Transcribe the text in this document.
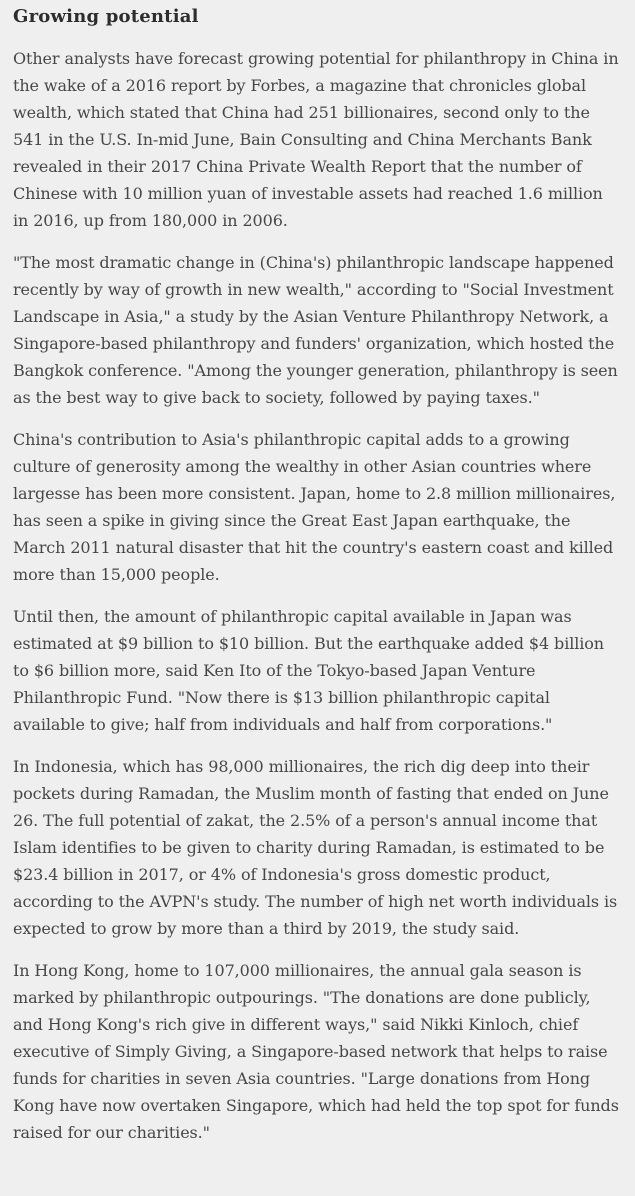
Growing potential

Other analysts have forecast growing potential for philanthropy in China in the wake of a 2016 report by Forbes, a magazine that chronicles global wealth, which stated that China had 251 billionaires, second only to the 541 in the U.S. In-mid June, Bain Consulting and China Merchants Bank revealed in their 2017 China Private Wealth Report that the number of Chinese with 10 million yuan of investable assets had reached 1.6 million in 2016, up from 180,000 in 2006.

"The most dramatic change in (China's) philanthropic landscape happened recently by way of growth in new wealth," according to "Social Investment Landscape in Asia," a study by the Asian Venture Philanthropy Network, a Singapore-based philanthropy and funders' organization, which hosted the Bangkok conference. "Among the younger generation, philanthropy is seen as the best way to give back to society, followed by paying taxes."

China's contribution to Asia's philanthropic capital adds to a growing culture of generosity among the wealthy in other Asian countries where largesse has been more consistent. Japan, home to 2.8 million millionaires, has seen a spike in giving since the Great East Japan earthquake, the March 2011 natural disaster that hit the country's eastern coast and killed more than 15,000 people.

Until then, the amount of philanthropic capital available in Japan was estimated at $9 billion to $10 billion. But the earthquake added $4 billion to $6 billion more, said Ken Ito of the Tokyo-based Japan Venture Philanthropic Fund. "Now there is $13 billion philanthropic capital available to give; half from individuals and half from corporations."

In Indonesia, which has 98,000 millionaires, the rich dig deep into their pockets during Ramadan, the Muslim month of fasting that ended on June 26. The full potential of zakat, the 2.5% of a person's annual income that Islam identifies to be given to charity during Ramadan, is estimated to be $23.4 billion in 2017, or 4% of Indonesia's gross domestic product, according to the AVPN's study. The number of high net worth individuals is expected to grow by more than a third by 2019, the study said.

In Hong Kong, home to 107,000 millionaires, the annual gala season is marked by philanthropic outpourings. "The donations are done publicly, and Hong Kong's rich give in different ways," said Nikki Kinloch, chief executive of Simply Giving, a Singapore-based network that helps to raise funds for charities in seven Asia countries. "Large donations from Hong Kong have now overtaken Singapore, which had held the top spot for funds raised for our charities."
